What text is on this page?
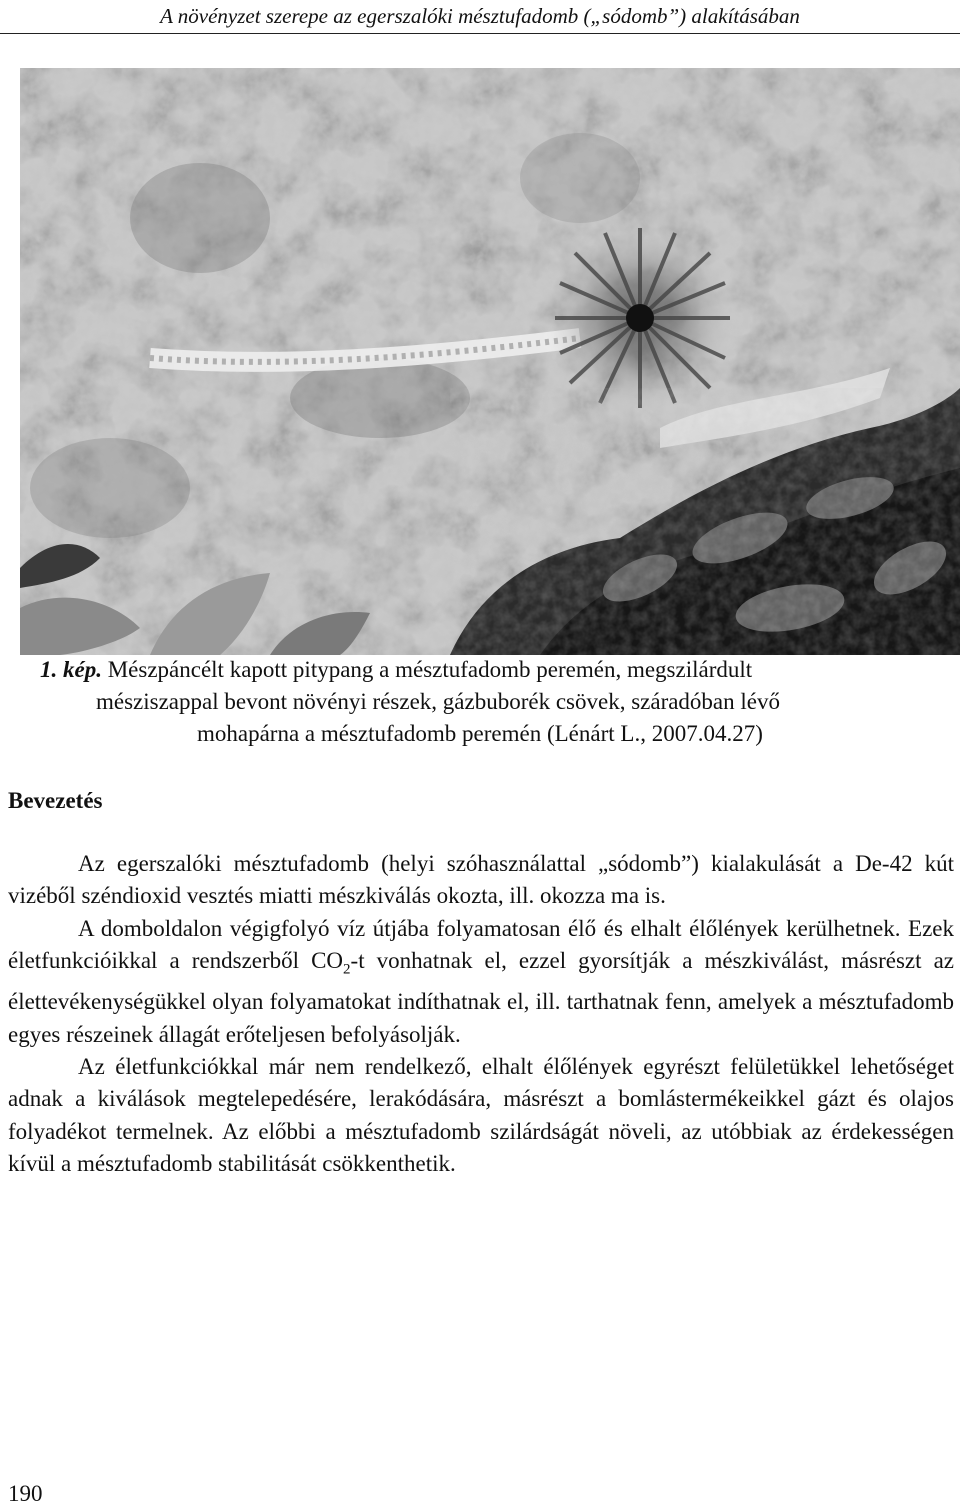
A növényzet szerepe az egerszalóki mésztufadomb („sódomb”) alakításában
1. kép. Mészpáncélt kapott pitypang a mésztufadomb peremén, megszilárdult
mésziszappal bevont növényi részek, gázbuborék csövek, száradóban lévő
mohapárna a mésztufadomb peremén (Lénárt L., 2007.04.27)
Bevezetés

Az egerszalóki mésztufadomb (helyi szóhasználattal „sódomb”) kialakulását a De-42 kút vizéből széndioxid vesztés miatti mészkiválás okozta, ill. okozza ma is.

A domboldalon végigfolyó víz útjába folyamatosan élő és elhalt élőlények kerülhetnek. Ezek életfunkcióikkal a rendszerből $CO_2-t$ vonhatnak el, ezzel gyorsítják a mészkiválást, másrészt az élettevékenységükkel olyan folyamatokat indíthatnak el, ill. tarthatnak fenn, amelyek a mésztufadomb egyes részeinek állagát erőteljesen befolyásolják.

Az életfunkciókkal már nem rendelkező, elhalt élőlények egyrészt felületükkel lehetőséget adnak a kiválások megtelepedésére, lerakódására, másrészt a bomlástermékeikkel gázt és olajos folyadékot termelnek. Az előbbi a mésztufadomb szilárdságát növeli, az utóbbiak az érdekességen kívül a mésztufadomb stabilitását csökkenthetik.

190
